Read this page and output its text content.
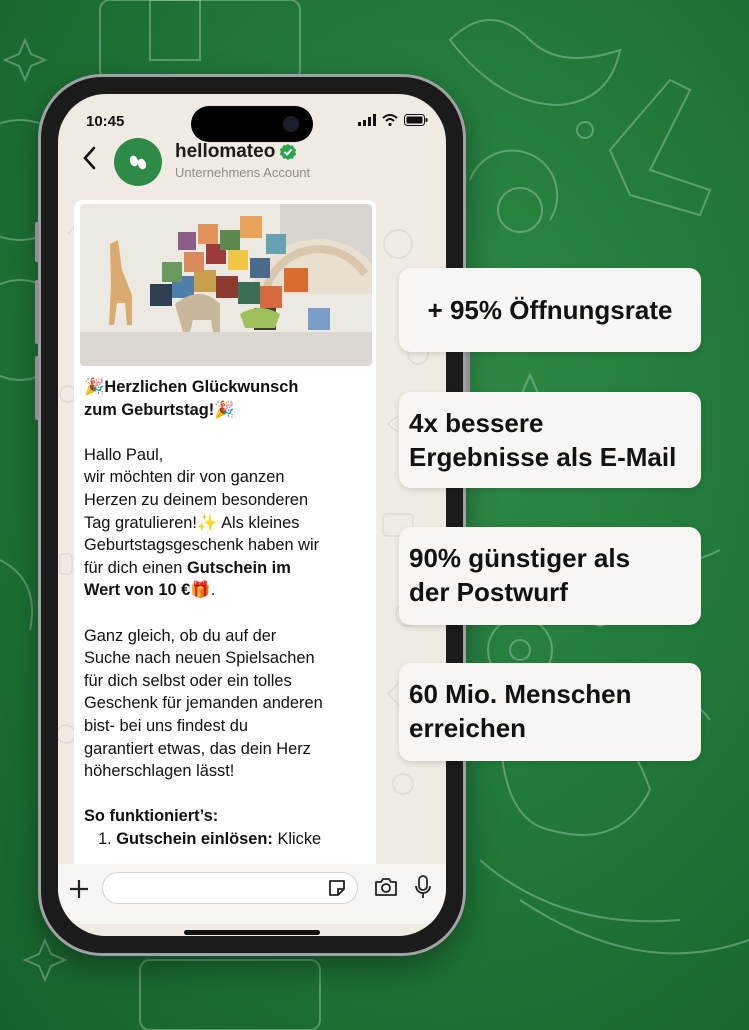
10:45
hellomateo
Unternehmens Account

🎉Herzlichen Glückwunsch
zum Geburtstag!🎉

Hallo Paul,

wir möchten dir von ganzen
Herzen zu deinem besonderen
Tag gratulieren!✨ Als kleines
Geburtstagsgeschenk haben wir
für dich einen Gutschein im
Wert von 10 €🎁.

Ganz gleich, ob du auf der
Suche nach neuen Spielsachen
für dich selbst oder ein tolles
Geschenk für jemanden anderen
bist- bei uns findest du
garantiert etwas, das dein Herz
höherschlagen lässt!

So funktioniert’s:

1. Gutschein einlösen: Klicke

+ 95% Öffnungsrate
4x bessere
Ergebnisse als E-Mail
90% günstiger als
der Postwurf
60 Mio. Menschen
erreichen
